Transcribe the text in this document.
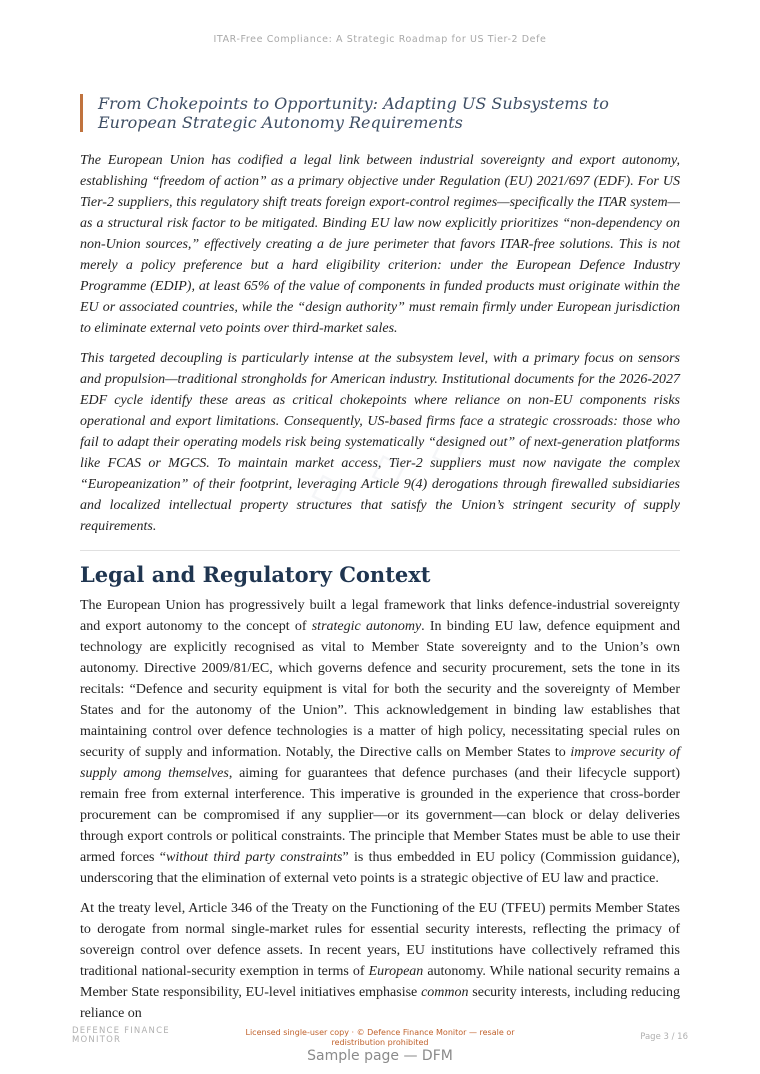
ITAR-Free Compliance: A Strategic Roadmap for US Tier-2 Defe
◇ ◇ ◇
From Chokepoints to Opportunity: Adapting US Subsystems to European Strategic Autonomy Requirements

The European Union has codified a legal link between industrial sovereignty and export autonomy, establishing “freedom of action” as a primary objective under Regulation (EU) 2021/697 (EDF). For US Tier-2 suppliers, this regulatory shift treats foreign export-control regimes—specifically the ITAR system—as a structural risk factor to be mitigated. Binding EU law now explicitly prioritizes “non-dependency on non-Union sources,” effectively creating a de jure perimeter that favors ITAR-free solutions. This is not merely a policy preference but a hard eligibility criterion: under the European Defence Industry Programme (EDIP), at least 65% of the value of components in funded products must originate within the EU or associated countries, while the “design authority” must remain firmly under European jurisdiction to eliminate external veto points over third-market sales.

This targeted decoupling is particularly intense at the subsystem level, with a primary focus on sensors and propulsion—traditional strongholds for American industry. Institutional documents for the 2026-2027 EDF cycle identify these areas as critical chokepoints where reliance on non-EU components risks operational and export limitations. Consequently, US-based firms face a strategic crossroads: those who fail to adapt their operating models risk being systematically “designed out” of next-generation platforms like FCAS or MGCS. To maintain market access, Tier-2 suppliers must now navigate the complex “Europeanization” of their footprint, leveraging Article 9(4) derogations through firewalled subsidiaries and localized intellectual property structures that satisfy the Union’s stringent security of supply requirements.

Legal and Regulatory Context

The European Union has progressively built a legal framework that links defence-industrial sovereignty and export autonomy to the concept of strategic autonomy. In binding EU law, defence equipment and technology are explicitly recognised as vital to Member State sovereignty and to the Union’s own autonomy. Directive 2009/81/EC, which governs defence and security procurement, sets the tone in its recitals: “Defence and security equipment is vital for both the security and the sovereignty of Member States and for the autonomy of the Union”. This acknowledgement in binding law establishes that maintaining control over defence technologies is a matter of high policy, necessitating special rules on security of supply and information. Notably, the Directive calls on Member States to improve security of supply among themselves, aiming for guarantees that defence purchases (and their lifecycle support) remain free from external interference. This imperative is grounded in the experience that cross-border procurement can be compromised if any supplier—or its government—can block or delay deliveries through export controls or political constraints. The principle that Member States must be able to use their armed forces “without third party constraints” is thus embedded in EU policy (Commission guidance), underscoring that the elimination of external veto points is a strategic objective of EU law and practice.

At the treaty level, Article 346 of the Treaty on the Functioning of the EU (TFEU) permits Member States to derogate from normal single-market rules for essential security interests, reflecting the primacy of sovereign control over defence assets. In recent years, EU institutions have collectively reframed this traditional national-security exemption in terms of European autonomy. While national security remains a Member State responsibility, EU-level initiatives emphasise common security interests, including reducing reliance on

DEFENCE FINANCE
MONITOR
Licensed single-user copy · © Defence Finance Monitor — resale or redistribution prohibited	Page 3 / 16
Sample page — DFM
